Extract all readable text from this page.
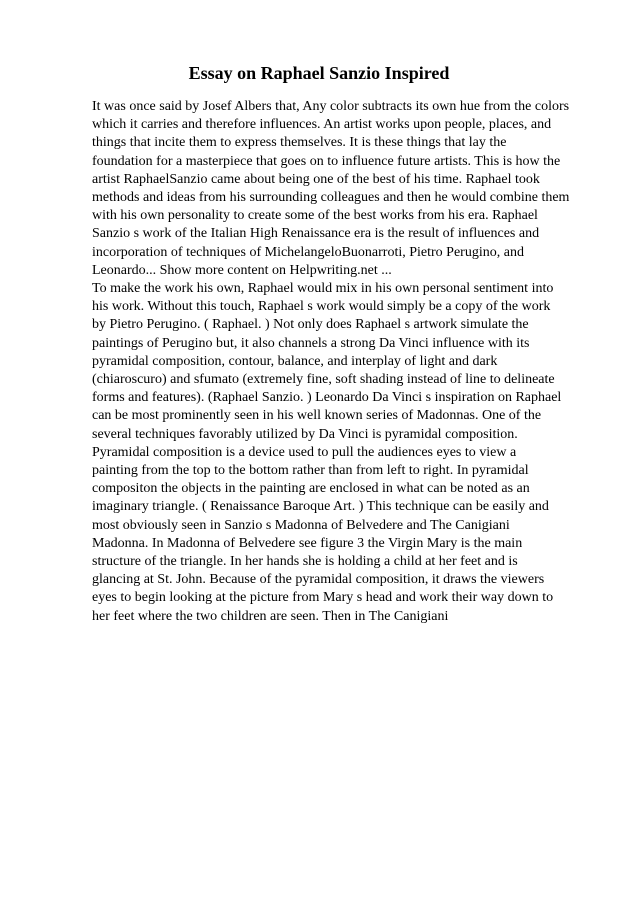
Essay on Raphael Sanzio Inspired
It was once said by Josef Albers that, Any color subtracts its own hue from the colors
which it carries and therefore influences. An artist works upon people, places, and
things that incite them to express themselves. It is these things that lay the
foundation for a masterpiece that goes on to influence future artists. This is how the
artist RaphaelSanzio came about being one of the best of his time. Raphael took
methods and ideas from his surrounding colleagues and then he would combine them
with his own personality to create some of the best works from his era. Raphael
Sanzio s work of the Italian High Renaissance era is the result of influences and
incorporation of techniques of MichelangeloBuonarroti, Pietro Perugino, and
Leonardo... Show more content on Helpwriting.net ...
To make the work his own, Raphael would mix in his own personal sentiment into
his work. Without this touch, Raphael s work would simply be a copy of the work
by Pietro Perugino. ( Raphael. ) Not only does Raphael s artwork simulate the
paintings of Perugino but, it also channels a strong Da Vinci influence with its
pyramidal composition, contour, balance, and interplay of light and dark
(chiaroscuro) and sfumato (extremely fine, soft shading instead of line to delineate
forms and features). (Raphael Sanzio. ) Leonardo Da Vinci s inspiration on Raphael
can be most prominently seen in his well known series of Madonnas. One of the
several techniques favorably utilized by Da Vinci is pyramidal composition.
Pyramidal composition is a device used to pull the audiences eyes to view a
painting from the top to the bottom rather than from left to right. In pyramidal
compositon the objects in the painting are enclosed in what can be noted as an
imaginary triangle. ( Renaissance Baroque Art. ) This technique can be easily and
most obviously seen in Sanzio s Madonna of Belvedere and The Canigiani
Madonna. In Madonna of Belvedere see figure 3 the Virgin Mary is the main
structure of the triangle. In her hands she is holding a child at her feet and is
glancing at St. John. Because of the pyramidal composition, it draws the viewers
eyes to begin looking at the picture from Mary s head and work their way down to
her feet where the two children are seen. Then in The Canigiani
